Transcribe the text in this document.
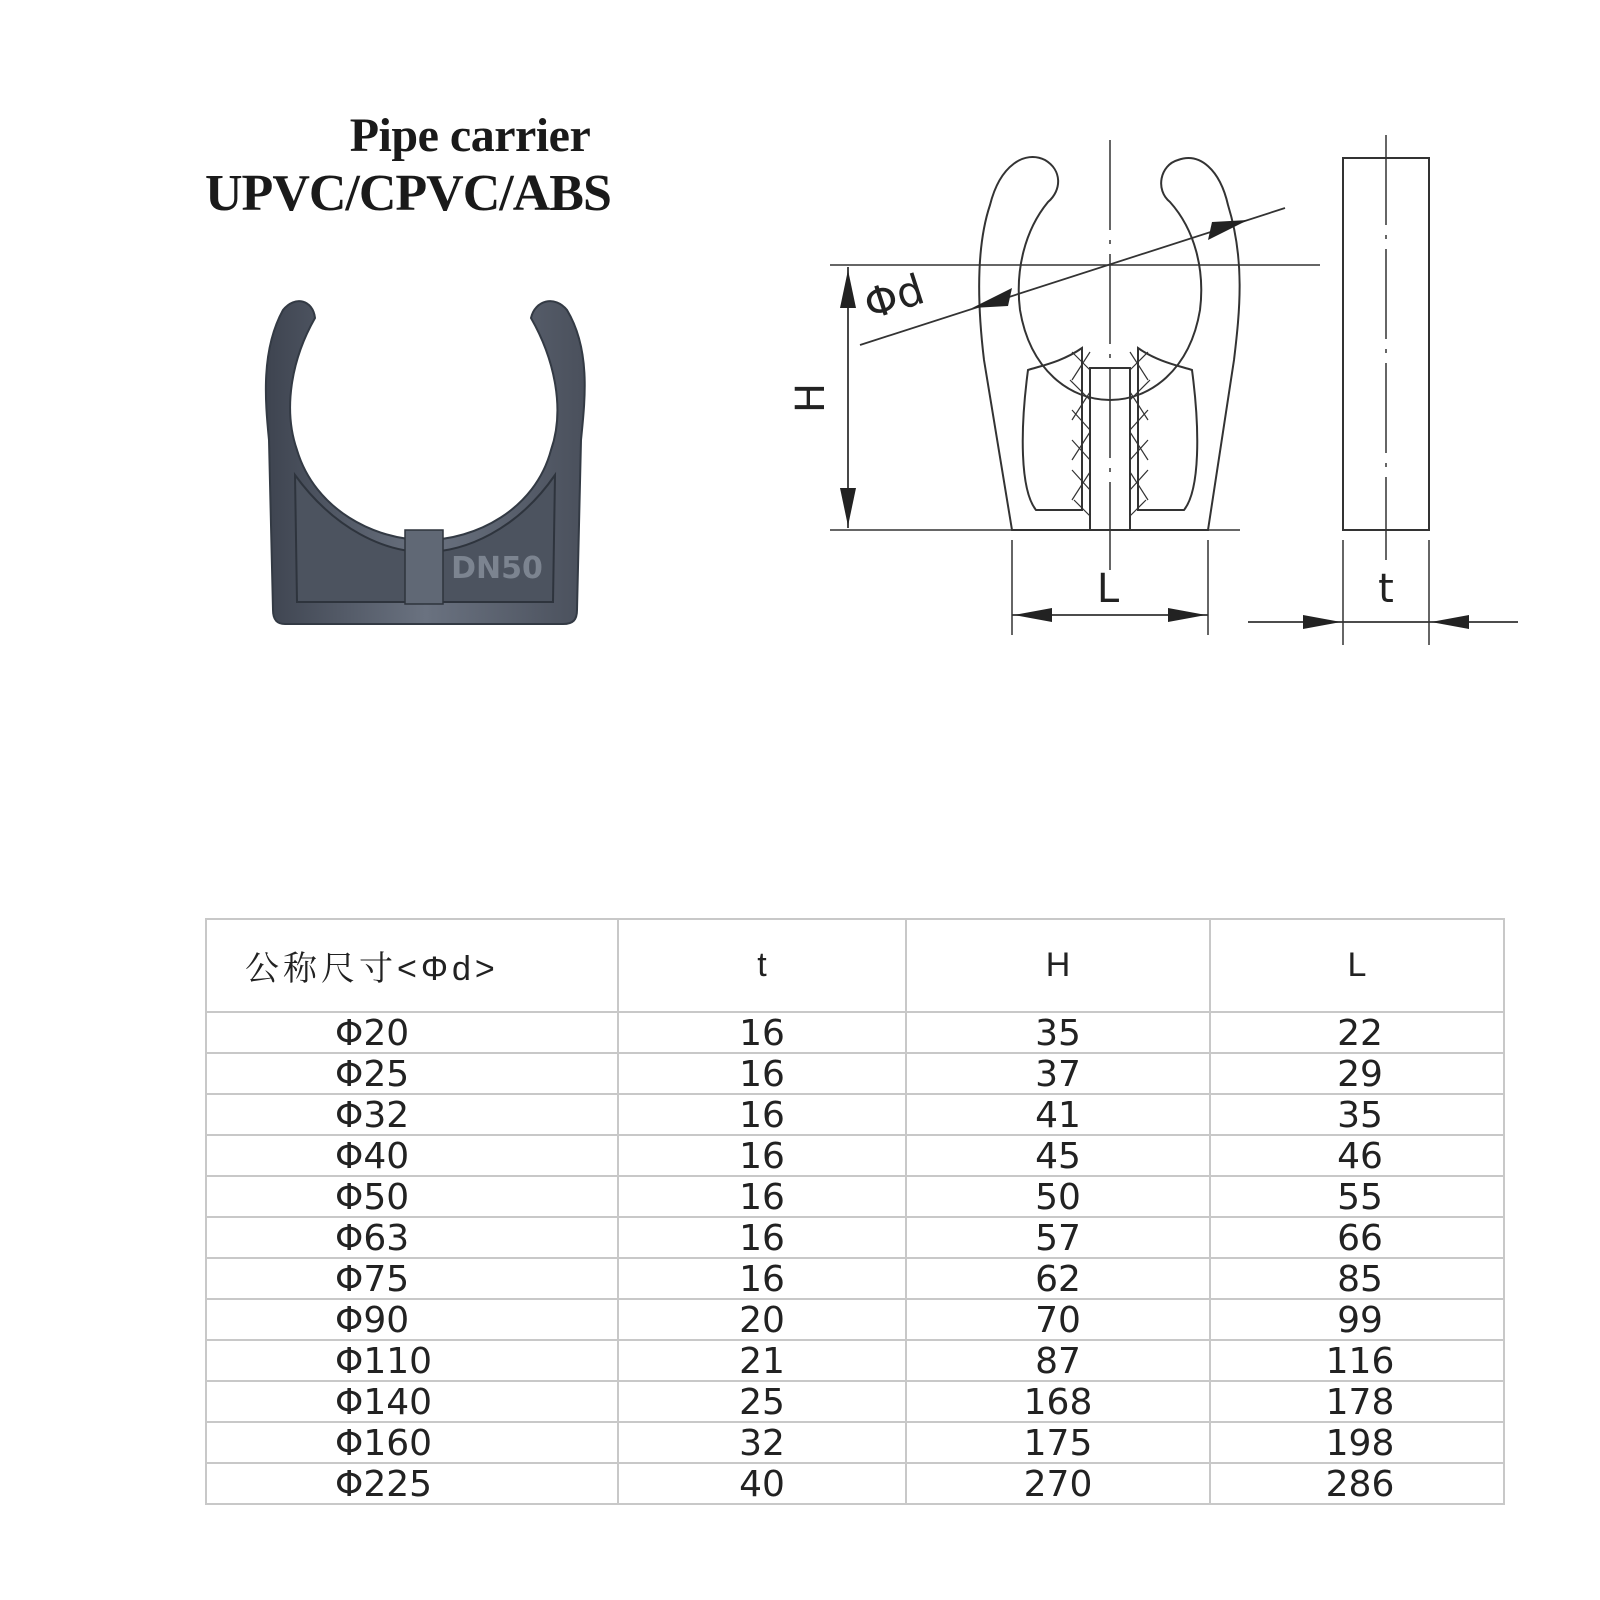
Pipe carrier
UPVC/CPVC/ABS
DN50
Φd
H
L	t
公称尺寸<Φd>	t	H	L
Φ20	16	35	22
Φ25	16	37	29
Φ32	16	41	35
Φ40	16	45	46
Φ50	16	50	55
Φ63	16	57	66
Φ75	16	62	85
Φ90	20	70	99
Φ110	21	87	116
Φ140	25	168	178
Φ160	32	175	198
Φ225	40	270	286
